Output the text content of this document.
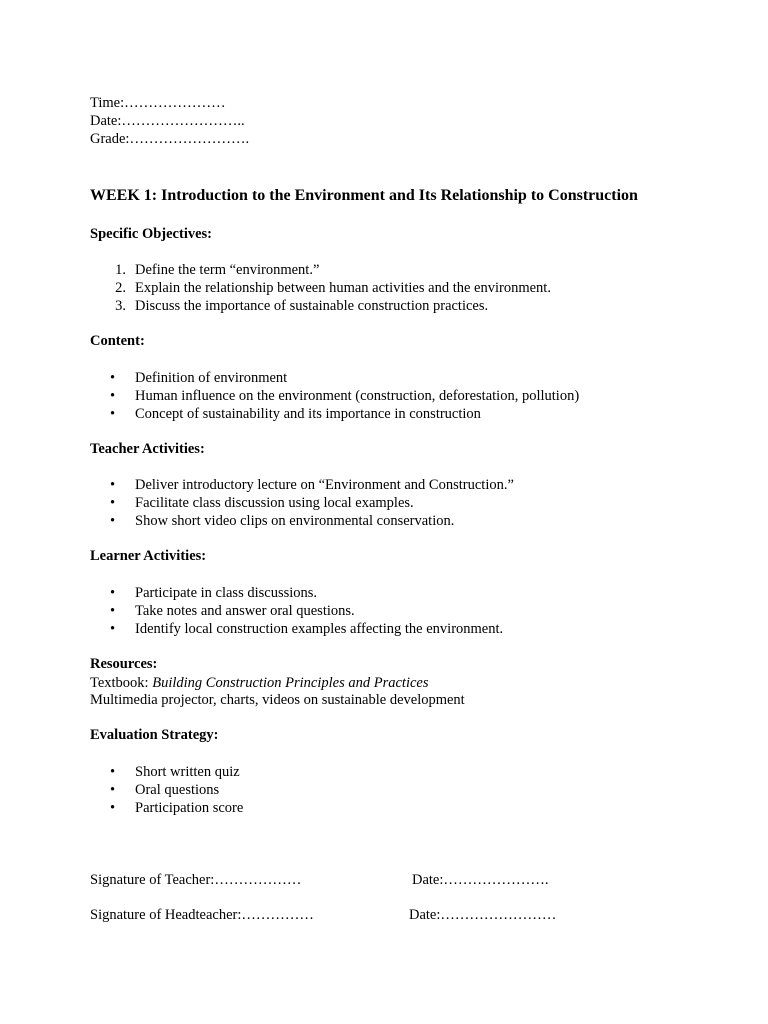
Time:…………………
Date:……………………..
Grade:…………………….
WEEK 1: Introduction to the Environment and Its Relationship to Construction
Specific Objectives:
1. Define the term “environment.”
2. Explain the relationship between human activities and the environment.
3. Discuss the importance of sustainable construction practices.
Content:
• Definition of environment
• Human influence on the environment (construction, deforestation, pollution)
• Concept of sustainability and its importance in construction
Teacher Activities:
• Deliver introductory lecture on “Environment and Construction.”
• Facilitate class discussion using local examples.
• Show short video clips on environmental conservation.
Learner Activities:
• Participate in class discussions.
• Take notes and answer oral questions.
• Identify local construction examples affecting the environment.
Resources:
Textbook: Building Construction Principles and Practices
Multimedia projector, charts, videos on sustainable development
Evaluation Strategy:
• Short written quiz
• Oral questions
• Participation score
Signature of Teacher:………………	Date:………………….
Signature of Headteacher:……………	Date:……………………
